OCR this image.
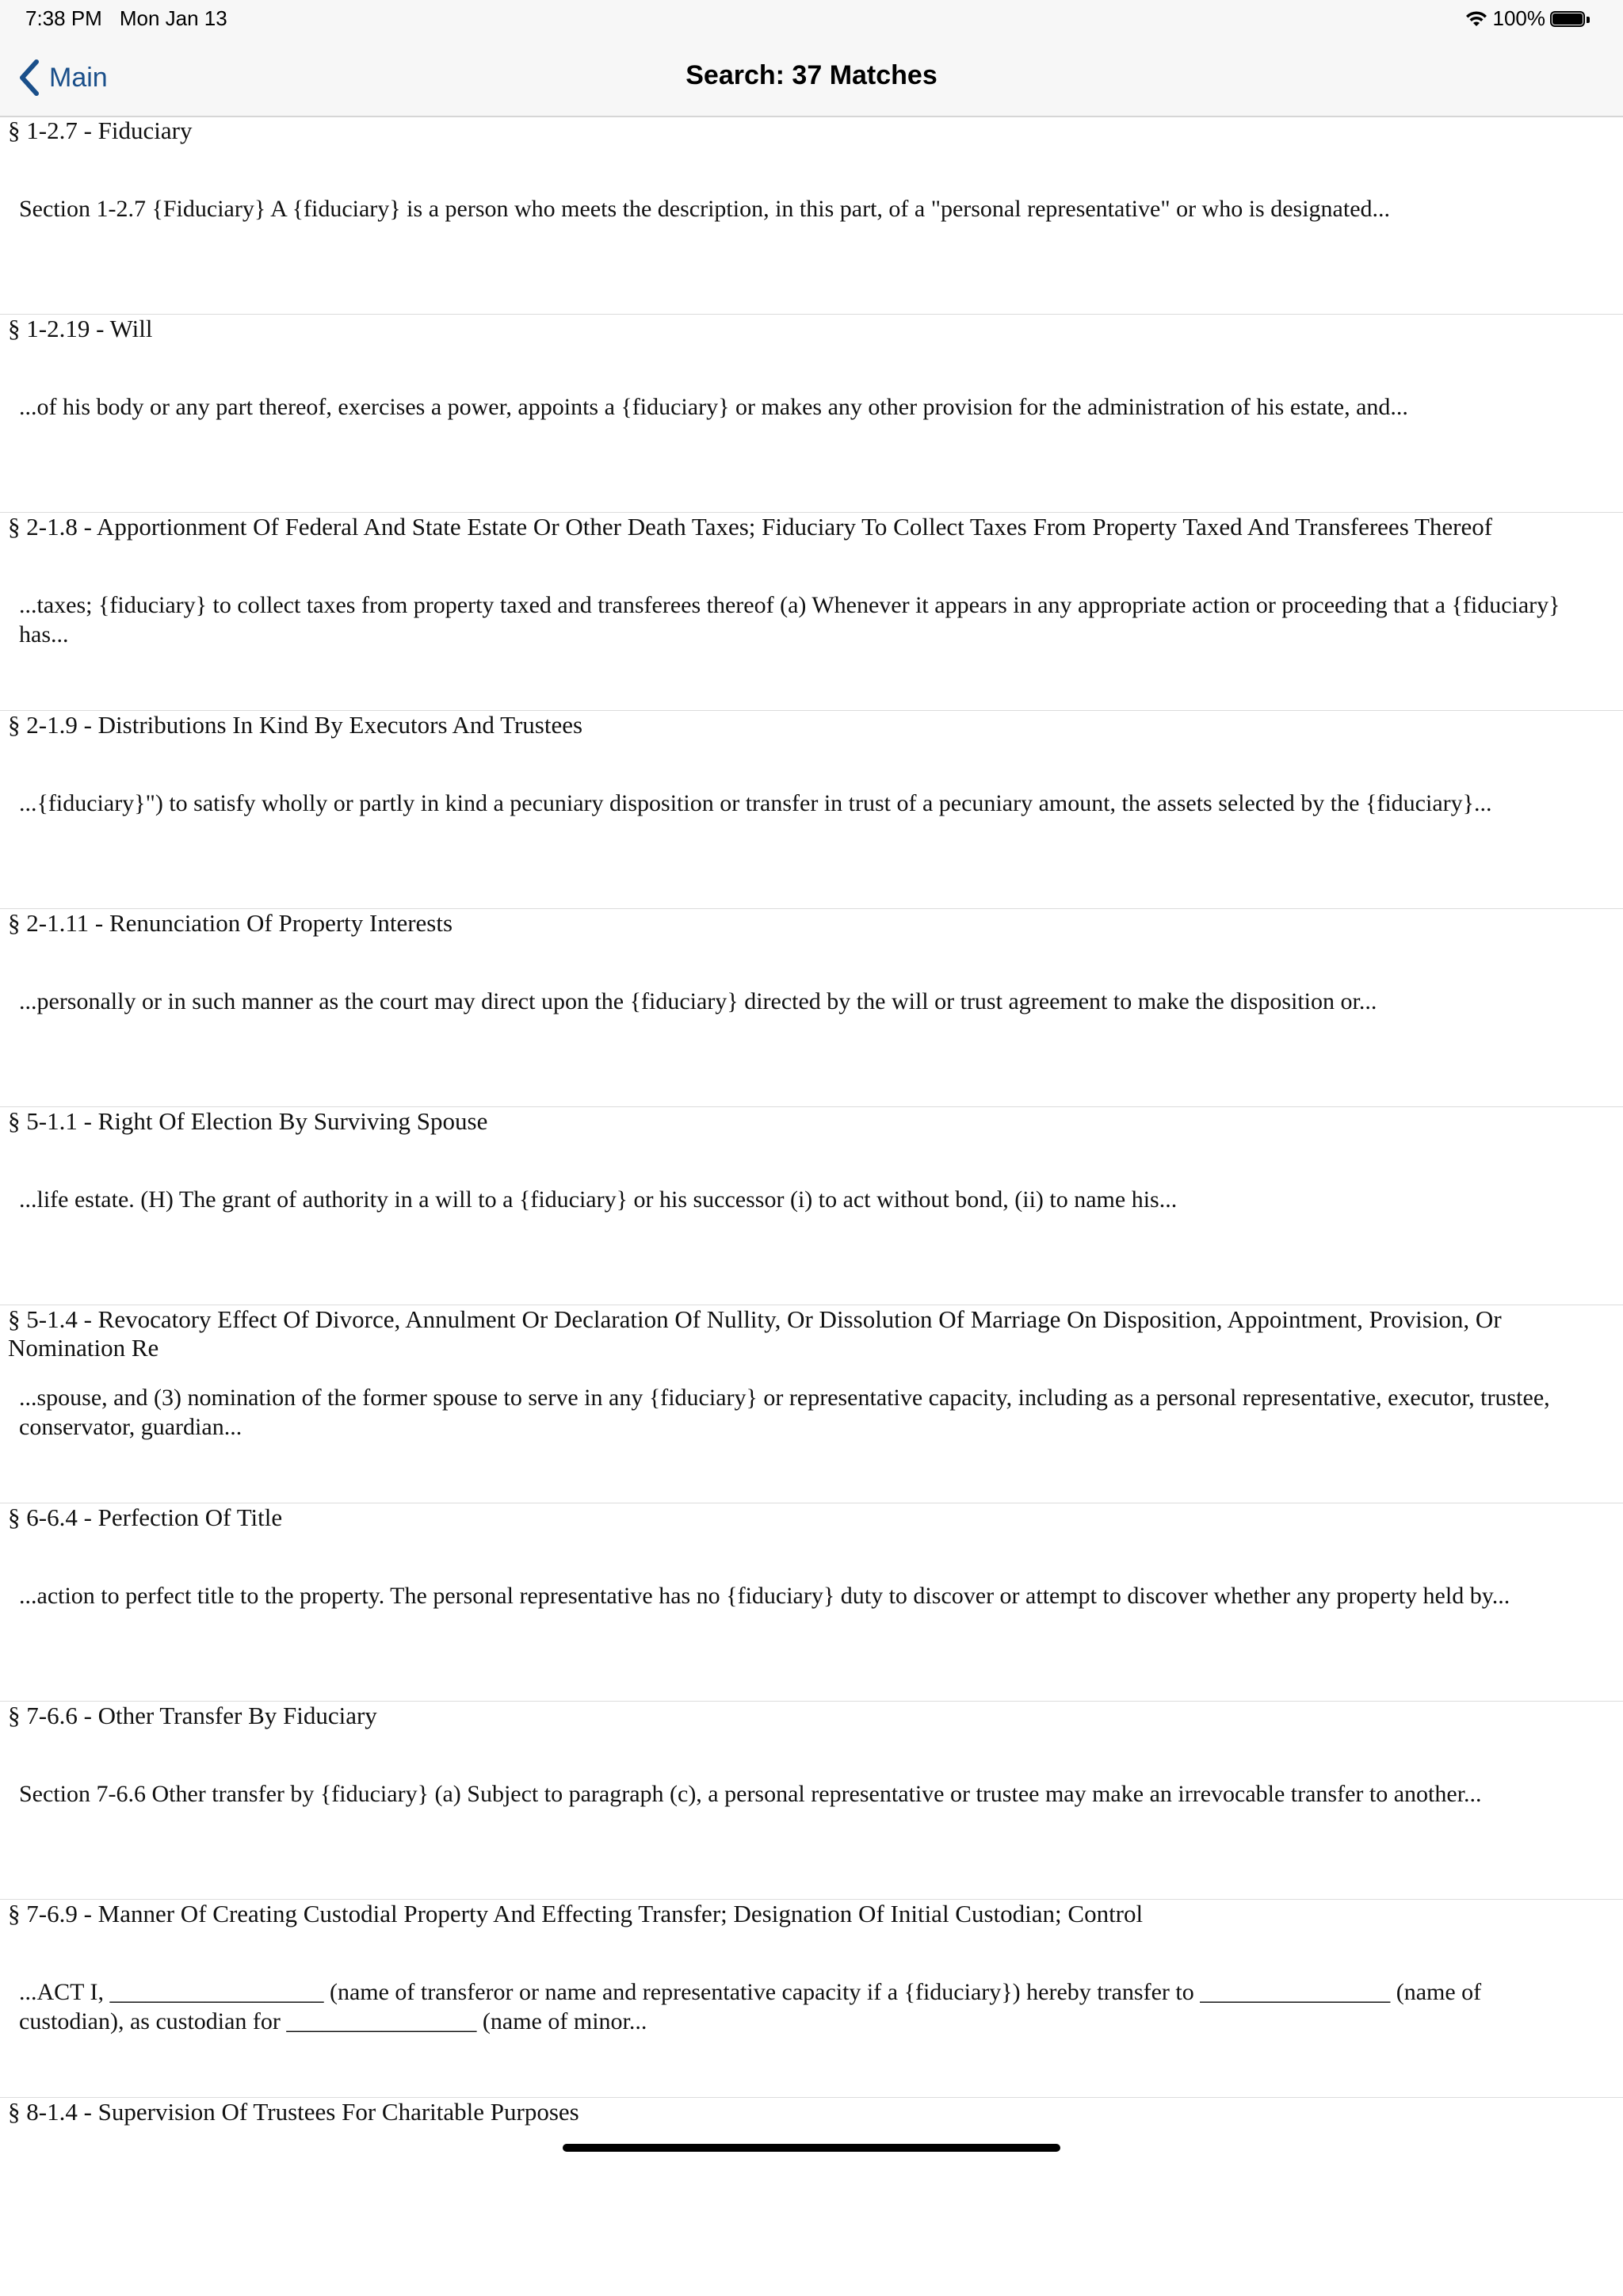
7:38 PM Mon Jan 13	100%
Main	Search: 37 Matches
§ 1-2.7 - Fiduciary
Section 1-2.7 {Fiduciary} A {fiduciary} is a person who meets the description, in this part, of a "personal representative" or who is designated...
§ 1-2.19 - Will
...of his body or any part thereof, exercises a power, appoints a {fiduciary} or makes any other provision for the administration of his estate, and...
§ 2-1.8 - Apportionment Of Federal And State Estate Or Other Death Taxes; Fiduciary To Collect Taxes From Property Taxed And Transferees Thereof
...taxes; {fiduciary} to collect taxes from property taxed and transferees thereof (a) Whenever it appears in any appropriate action or proceeding that a {fiduciary} has...
§ 2-1.9 - Distributions In Kind By Executors And Trustees
...{fiduciary}") to satisfy wholly or partly in kind a pecuniary disposition or transfer in trust of a pecuniary amount, the assets selected by the {fiduciary}...
§ 2-1.11 - Renunciation Of Property Interests
...personally or in such manner as the court may direct upon the {fiduciary} directed by the will or trust agreement to make the disposition or...
§ 5-1.1 - Right Of Election By Surviving Spouse
...life estate. (H) The grant of authority in a will to a {fiduciary} or his successor (i) to act without bond, (ii) to name his...
§ 5-1.4 - Revocatory Effect Of Divorce, Annulment Or Declaration Of Nullity, Or Dissolution Of Marriage On Disposition, Appointment, Provision, Or Nomination Re
...spouse, and (3) nomination of the former spouse to serve in any {fiduciary} or representative capacity, including as a personal representative, executor, trustee, conservator, guardian...
§ 6-6.4 - Perfection Of Title
...action to perfect title to the property. The personal representative has no {fiduciary} duty to discover or attempt to discover whether any property held by...
§ 7-6.6 - Other Transfer By Fiduciary
Section 7-6.6 Other transfer by {fiduciary} (a) Subject to paragraph (c), a personal representative or trustee may make an irrevocable transfer to another...
§ 7-6.9 - Manner Of Creating Custodial Property And Effecting Transfer; Designation Of Initial Custodian; Control
...ACT I, __________________ (name of transferor or name and representative capacity if a {fiduciary}) hereby transfer to ________________ (name of custodian), as custodian for ________________ (name of minor...
§ 8-1.4 - Supervision Of Trustees For Charitable Purposes
